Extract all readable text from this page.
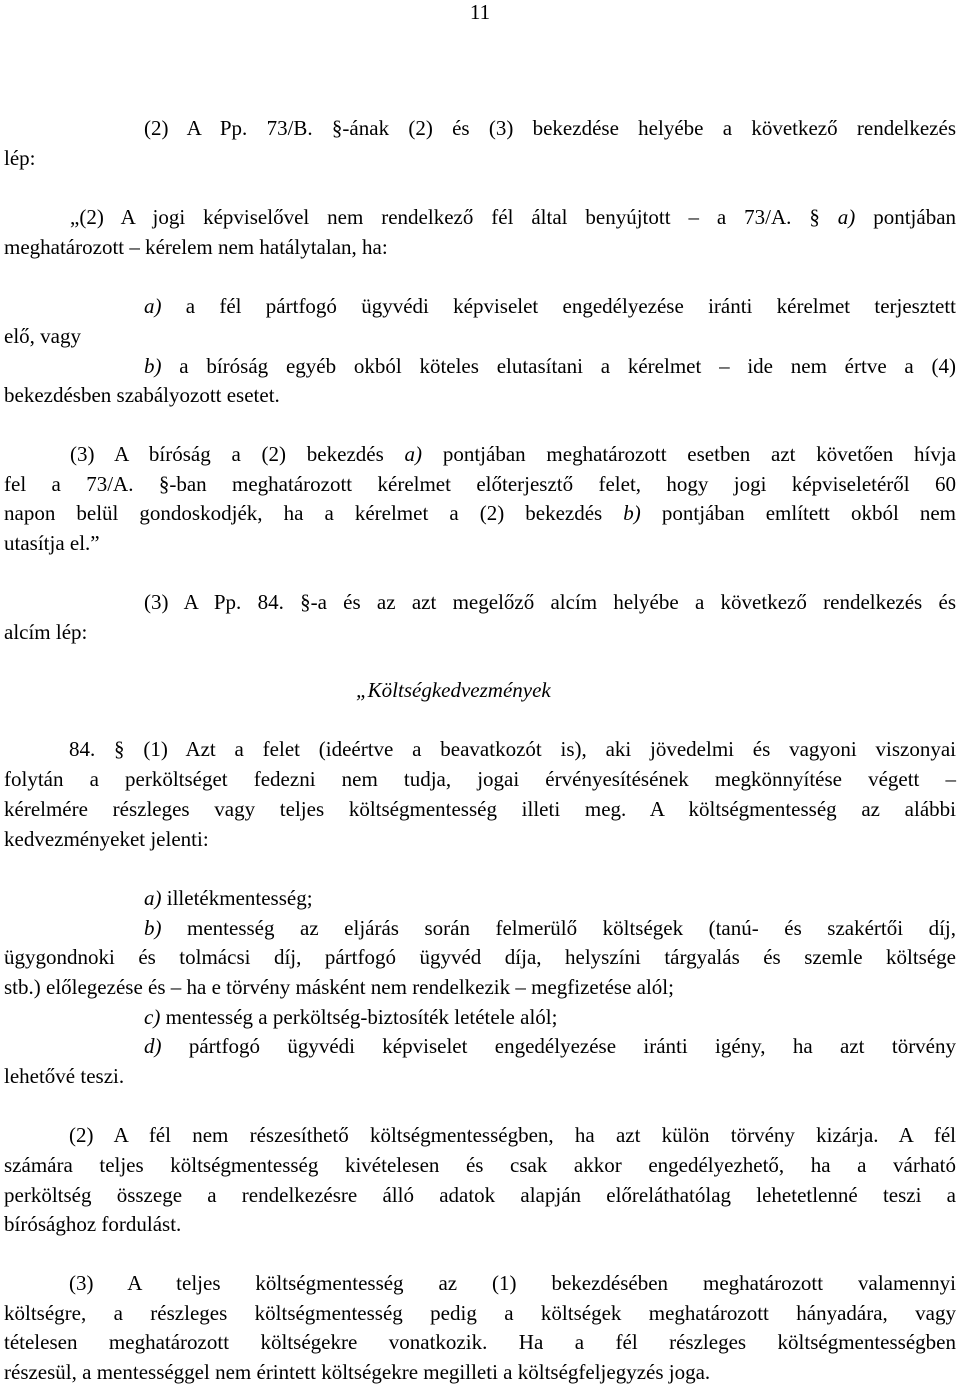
11
(2) A Pp. 73/B. §-ának (2) és (3) bekezdése helyébe a következő rendelkezés
lép:
„(2) A jogi képviselővel nem rendelkező fél által benyújtott – a 73/A. § a) pontjában
meghatározott – kérelem nem hatálytalan, ha:
a) a fél pártfogó ügyvédi képviselet engedélyezése iránti kérelmet terjesztett
elő, vagy
b) a bíróság egyéb okból köteles elutasítani a kérelmet – ide nem értve a (4)
bekezdésben szabályozott esetet.
(3) A bíróság a (2) bekezdés a) pontjában meghatározott esetben azt követően hívja
fel a 73/A. §-ban meghatározott kérelmet előterjesztő felet, hogy jogi képviseletéről 60
napon belül gondoskodjék, ha a kérelmet a (2) bekezdés b) pontjában említett okból nem
utasítja el.”
(3) A Pp. 84. §-a és az azt megelőző alcím helyébe a következő rendelkezés és
alcím lép:
„Költségkedvezmények
84. § (1) Azt a felet (ideértve a beavatkozót is), aki jövedelmi és vagyoni viszonyai
folytán a perköltséget fedezni nem tudja, jogai érvényesítésének megkönnyítése végett –
kérelmére részleges vagy teljes költségmentesség illeti meg. A költségmentesség az alábbi
kedvezményeket jelenti:
a) illetékmentesség;
b) mentesség az eljárás során felmerülő költségek (tanú- és szakértői díj,
ügygondnoki és tolmácsi díj, pártfogó ügyvéd díja, helyszíni tárgyalás és szemle költsége
stb.) előlegezése és – ha e törvény másként nem rendelkezik – megfizetése alól;
c) mentesség a perköltség-biztosíték letétele alól;
d) pártfogó ügyvédi képviselet engedélyezése iránti igény, ha azt törvény
lehetővé teszi.
(2) A fél nem részesíthető költségmentességben, ha azt külön törvény kizárja. A fél
számára teljes költségmentesség kivételesen és csak akkor engedélyezhető, ha a várható
perköltség összege a rendelkezésre álló adatok alapján előreláthatólag lehetetlenné teszi a
bírósághoz fordulást.
(3) A teljes költségmentesség az (1) bekezdésében meghatározott valamennyi
költségre, a részleges költségmentesség pedig a költségek meghatározott hányadára, vagy
tételesen meghatározott költségekre vonatkozik. Ha a fél részleges költségmentességben
részesül, a mentességgel nem érintett költségekre megilleti a költségfeljegyzés joga.
